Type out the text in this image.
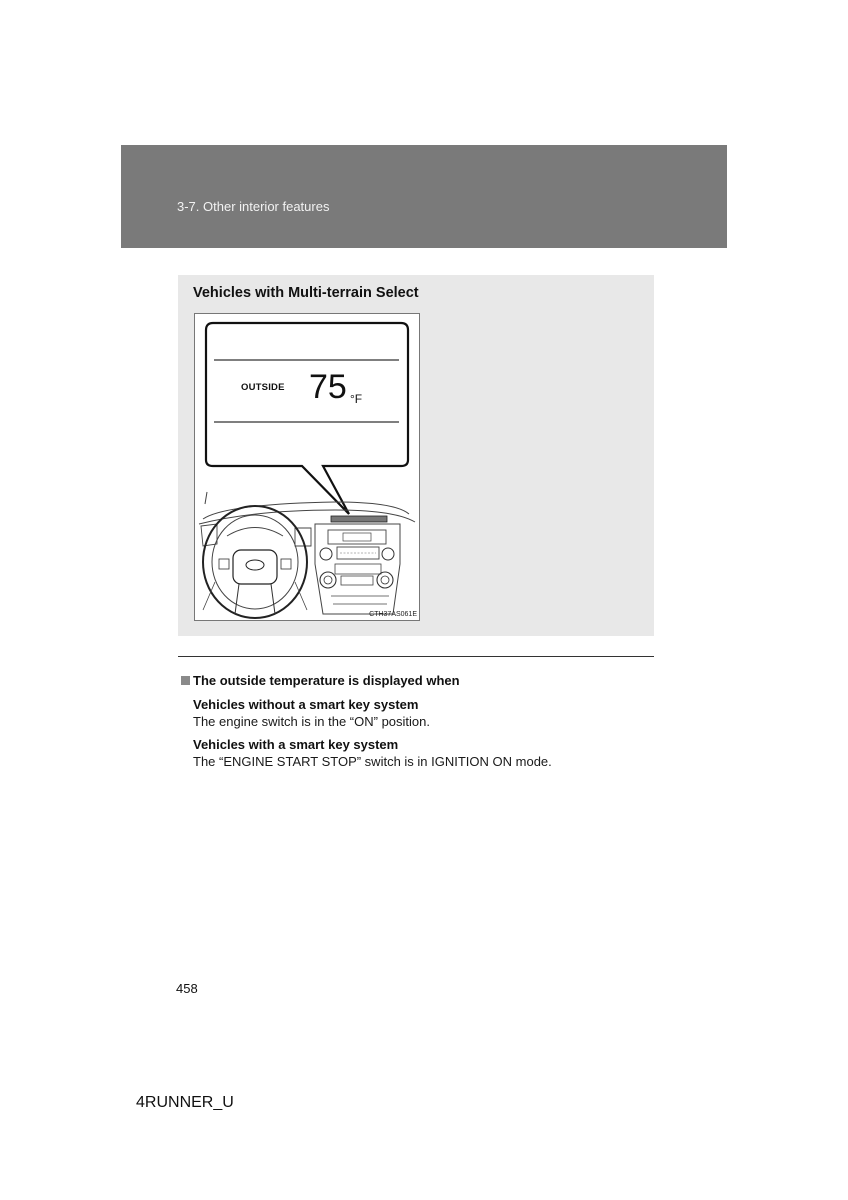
3-7. Other interior features
Vehicles with Multi-terrain Select
OUTSIDE 75 °F
CTH37AS061E
The outside temperature is displayed when
Vehicles without a smart key system
The engine switch is in the “ON” position.
Vehicles with a smart key system
The “ENGINE START STOP” switch is in IGNITION ON mode.
458
4RUNNER_U
